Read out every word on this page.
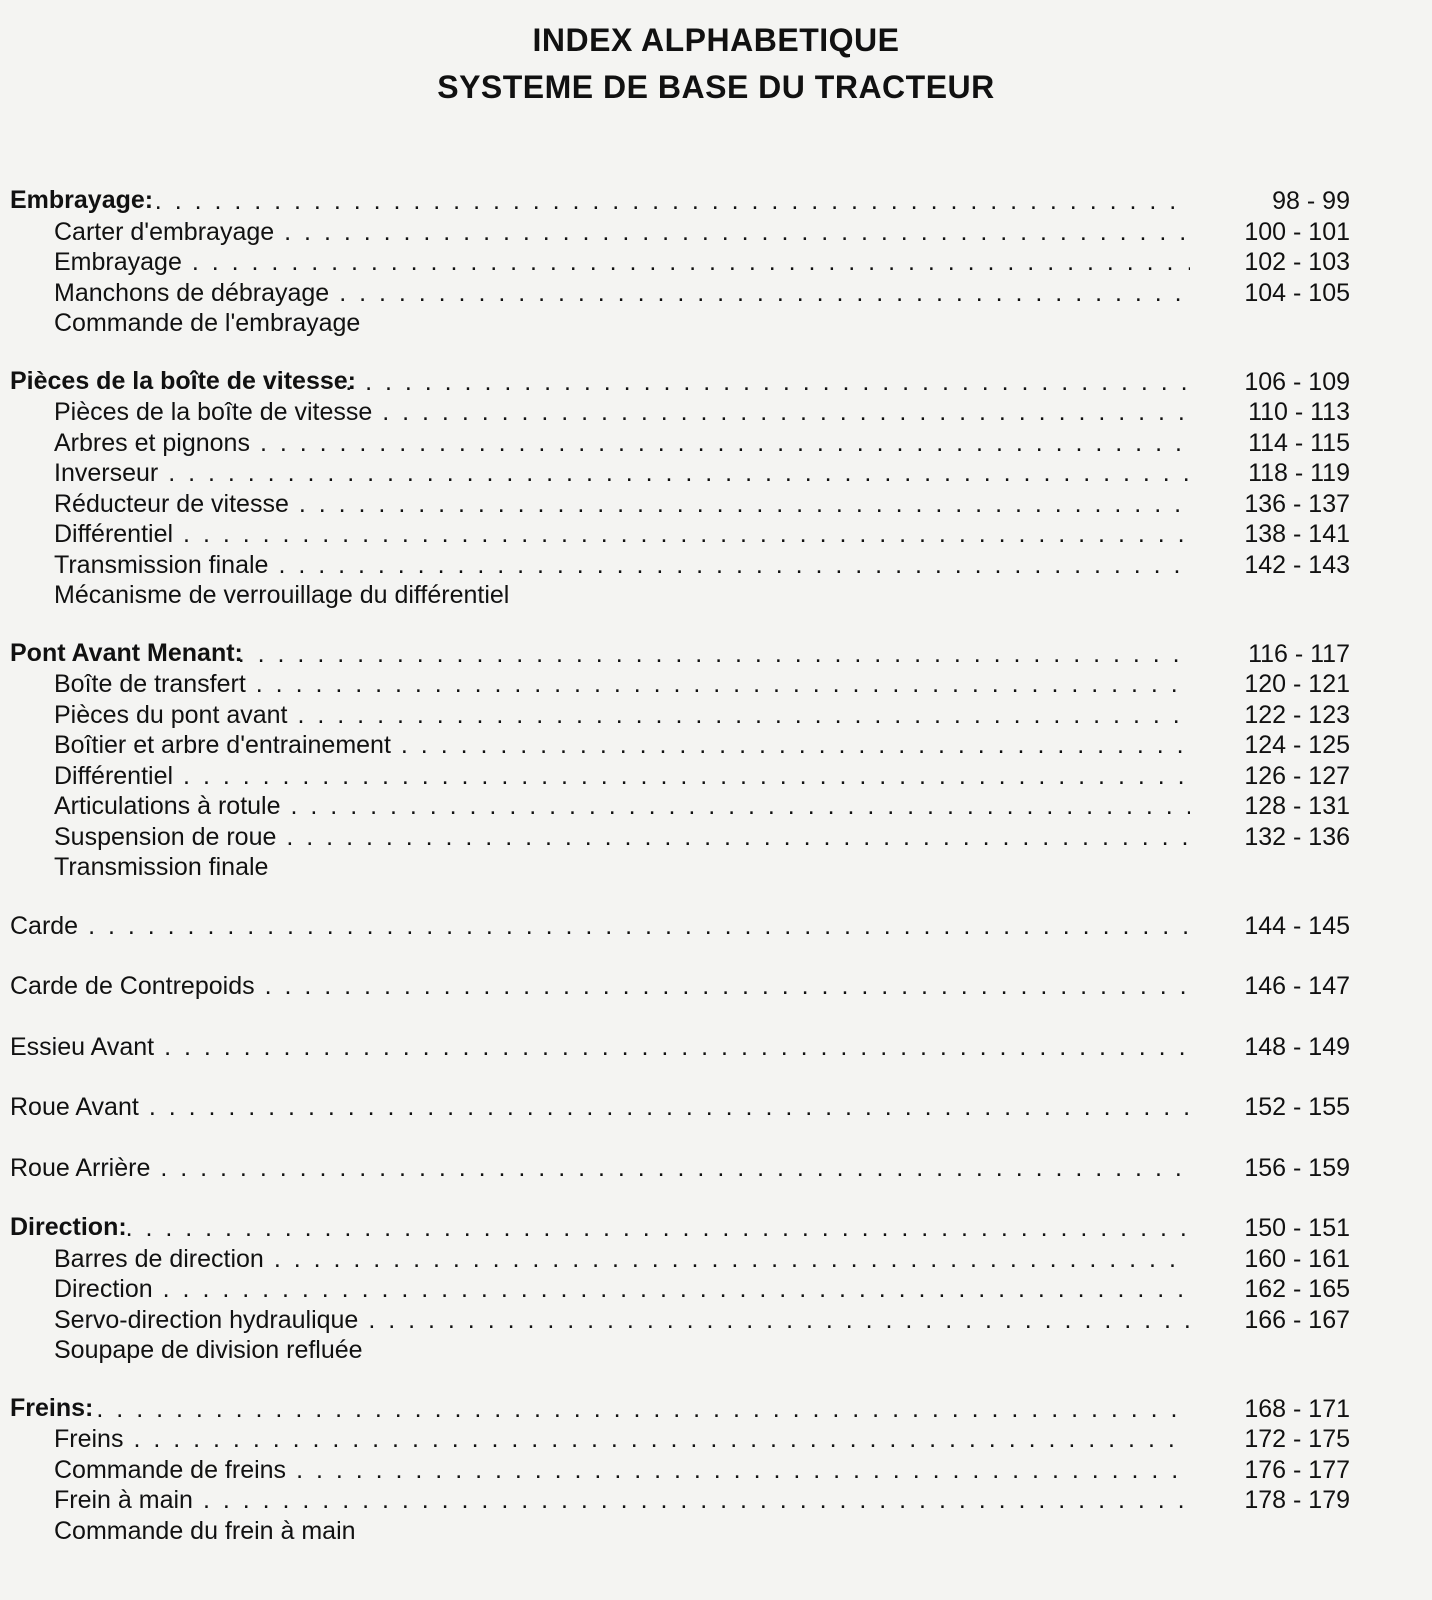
INDEX ALPHABETIQUE
SYSTEME DE BASE DU TRACTEUR
Embrayage: . . .	98 - 99
Carter d'embrayage . . .	100 - 101
Embrayage . . .	102 - 103
Manchons de débrayage . . .	104 - 105
Commande de l'embrayage
Pièces de la boîte de vitesse: . . .	106 - 109
Pièces de la boîte de vitesse . . .	110 - 113
Arbres et pignons . . .	114 - 115
Inverseur . . .	118 - 119
Réducteur de vitesse . . .	136 - 137
Différentiel . . .	138 - 141
Transmission finale . . .	142 - 143
Mécanisme de verrouillage du différentiel
Pont Avant Menant: . . .	116 - 117
Boîte de transfert . . .	120 - 121
Pièces du pont avant . . .	122 - 123
Boîtier et arbre d'entrainement . . .	124 - 125
Différentiel . . .	126 - 127
Articulations à rotule . . .	128 - 131
Suspension de roue . . .	132 - 136
Transmission finale
Carde . . .	144 - 145
Carde de Contrepoids . . .	146 - 147
Essieu Avant . . .	148 - 149
Roue Avant . . .	152 - 155
Roue Arrière . . .	156 - 159
Direction: . . .	150 - 151
Barres de direction . . .	160 - 161
Direction . . .	162 - 165
Servo-direction hydraulique . . .	166 - 167
Soupape de division refluée
Freins: . . .	168 - 171
Freins . . .	172 - 175
Commande de freins . . .	176 - 177
Frein à main . . .	178 - 179
Commande du frein à main
